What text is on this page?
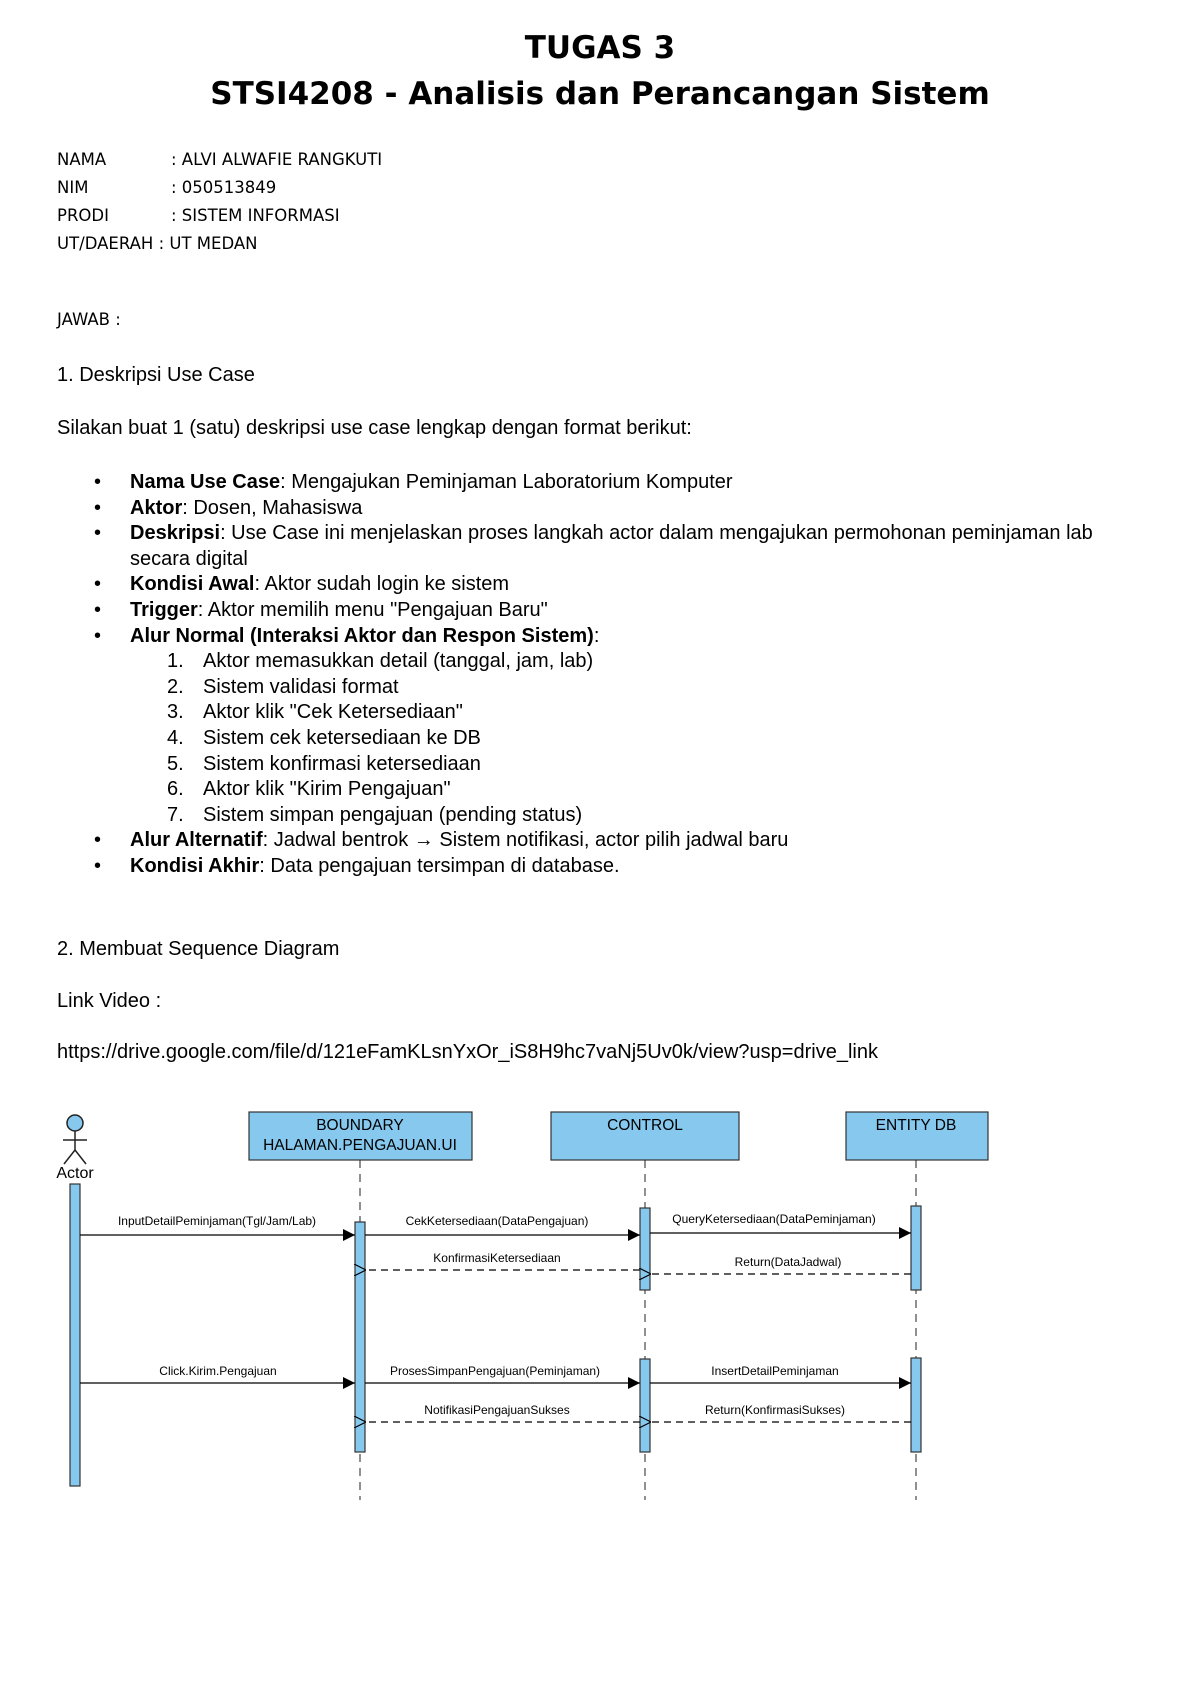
TUGAS 3
STSI4208 - Analisis dan Perancangan Sistem
NAMA	: ALVI ALWAFIE RANGKUTI
NIM	: 050513849
PRODI	: SISTEM INFORMASI
UT/DAERAH : UT MEDAN
JAWAB :
1. Deskripsi Use Case
Silakan buat 1 (satu) deskripsi use case lengkap dengan format berikut:
• Nama Use Case: Mengajukan Peminjaman Laboratorium Komputer
• Aktor: Dosen, Mahasiswa
• Deskripsi: Use Case ini menjelaskan proses langkah actor dalam mengajukan permohonan peminjaman lab secara digital
• Kondisi Awal: Aktor sudah login ke sistem
• Trigger: Aktor memilih menu "Pengajuan Baru"
• Alur Normal (Interaksi Aktor dan Respon Sistem):
1. Aktor memasukkan detail (tanggal, jam, lab)
2. Sistem validasi format
3. Aktor klik "Cek Ketersediaan"
4. Sistem cek ketersediaan ke DB
5. Sistem konfirmasi ketersediaan
6. Aktor klik "Kirim Pengajuan"
7. Sistem simpan pengajuan (pending status)
• Alur Alternatif: Jadwal bentrok → Sistem notifikasi, actor pilih jadwal baru
• Kondisi Akhir: Data pengajuan tersimpan di database.
2. Membuat Sequence Diagram
Link Video :
https://drive.google.com/file/d/121eFamKLsnYxOr_iS8H9hc7vaNj5Uv0k/view?usp=drive_link
Actor
BOUNDARY
HALAMAN.PENGAJUAN.UI
CONTROL	ENTITY DB
InputDetailPeminjaman(Tgl/Jam/Lab)	CekKetersediaan(DataPengajuan)	QueryKetersediaan(DataPeminjaman)
KonfirmasiKetersediaan	Return(DataJadwal)
Click.Kirim.Pengajuan	ProsesSimpanPengajuan(Peminjaman)	InsertDetailPeminjaman
NotifikasiPengajuanSukses	Return(KonfirmasiSukses)
